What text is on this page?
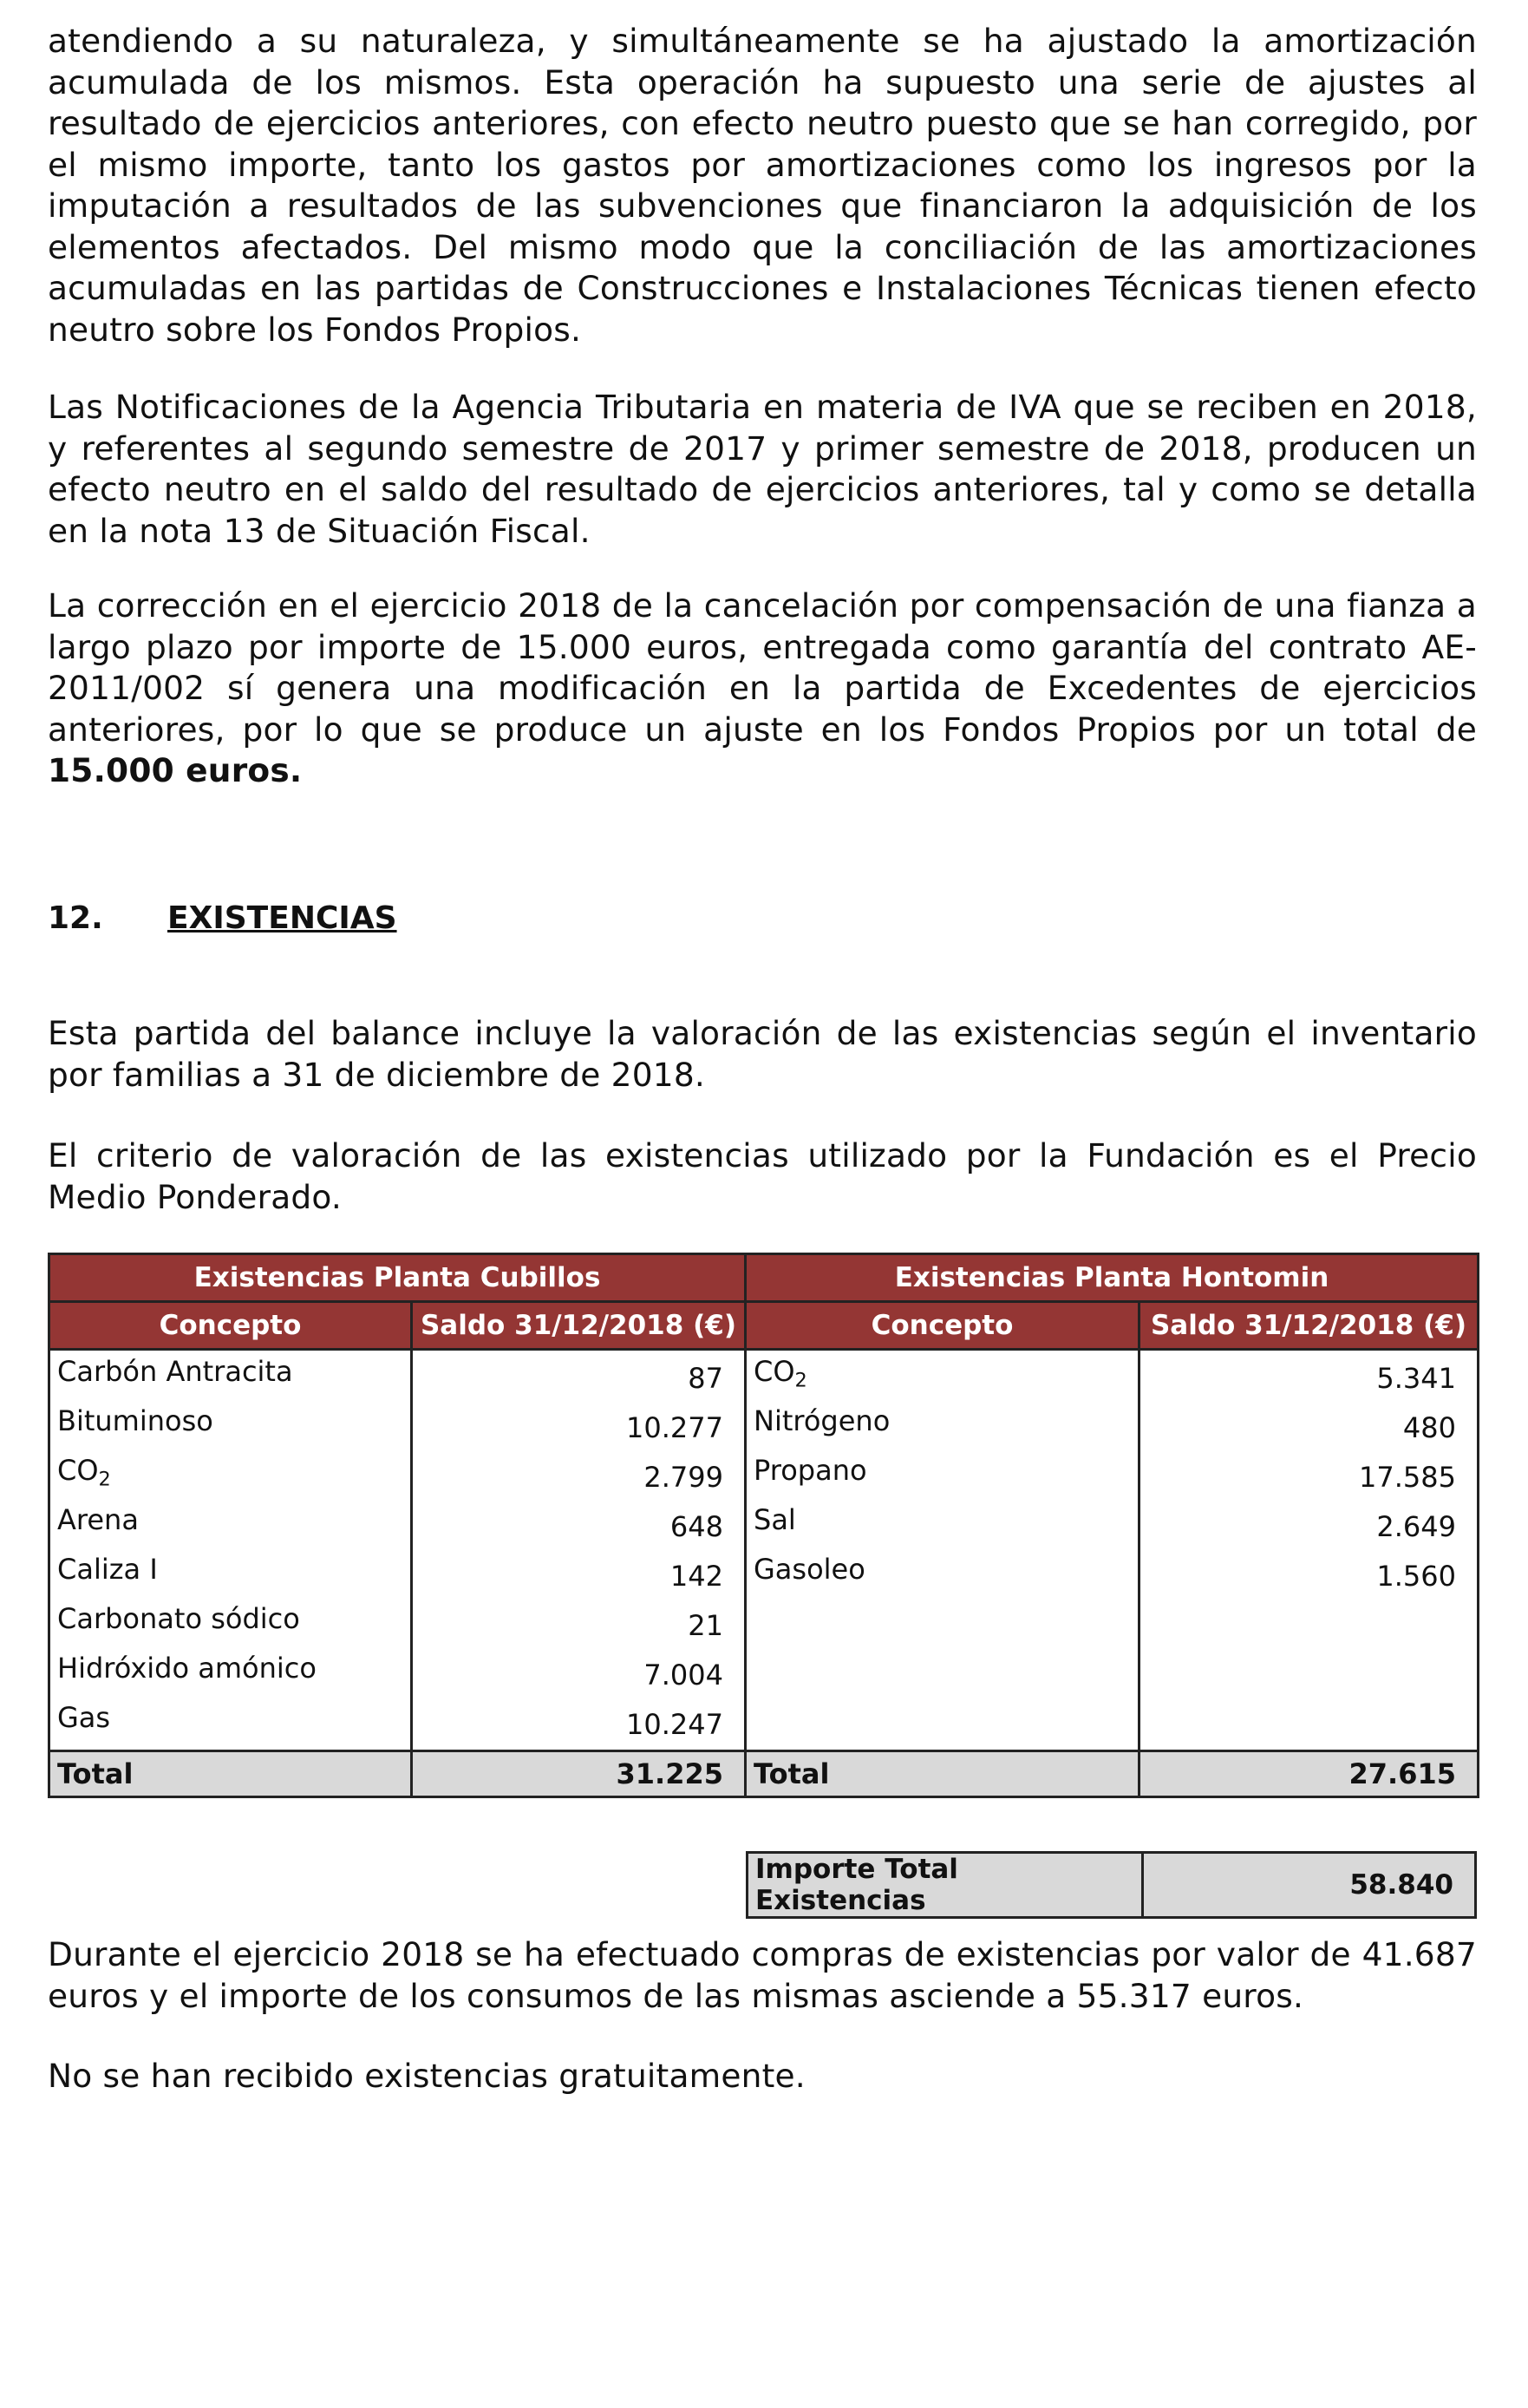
atendiendo a su naturaleza, y simultáneamente se ha ajustado la amortización acumulada de los mismos. Esta operación ha supuesto una serie de ajustes al resultado de ejercicios anteriores, con efecto neutro puesto que se han corregido, por el mismo importe, tanto los gastos por amortizaciones como los ingresos por la imputación a resultados de las subvenciones que financiaron la adquisición de los elementos afectados. Del mismo modo que la conciliación de las amortizaciones acumuladas en las partidas de Construcciones e Instalaciones Técnicas tienen efecto neutro sobre los Fondos Propios.

Las Notificaciones de la Agencia Tributaria en materia de IVA que se reciben en 2018, y referentes al segundo semestre de 2017 y primer semestre de 2018, producen un efecto neutro en el saldo del resultado de ejercicios anteriores, tal y como se detalla en la nota 13 de Situación Fiscal.

La corrección en el ejercicio 2018 de la cancelación por compensación de una fianza a largo plazo por importe de 15.000 euros, entregada como garantía del contrato AE-2011/002 sí genera una modificación en la partida de Excedentes de ejercicios anteriores, por lo que se produce un ajuste en los Fondos Propios por un total de 15.000 euros.

12. EXISTENCIAS

Esta partida del balance incluye la valoración de las existencias según el inventario por familias a 31 de diciembre de 2018.

El criterio de valoración de las existencias utilizado por la Fundación es el Precio Medio Ponderado.

Existencias Planta Cubillos		Existencias Planta Hontomin	
Concepto	Saldo 31/12/2018 (€)	Concepto	Saldo 31/12/2018 (€)
Carbón Antracita	87	$CO_2$	5.341
Bituminoso	10.277	Nitrógeno	480
$CO_2$	2.799	Propano	17.585
Arena	648	Sal	2.649
Caliza I	142	Gasoleo	1.560
Carbonato sódico	21		
Hidróxido amónico	7.004		
Gas	10.247		
Total	31.225	Total	27.615
Importe Total Existencias	58.840

Durante el ejercicio 2018 se ha efectuado compras de existencias por valor de 41.687 euros y el importe de los consumos de las mismas asciende a 55.317 euros.

No se han recibido existencias gratuitamente.
